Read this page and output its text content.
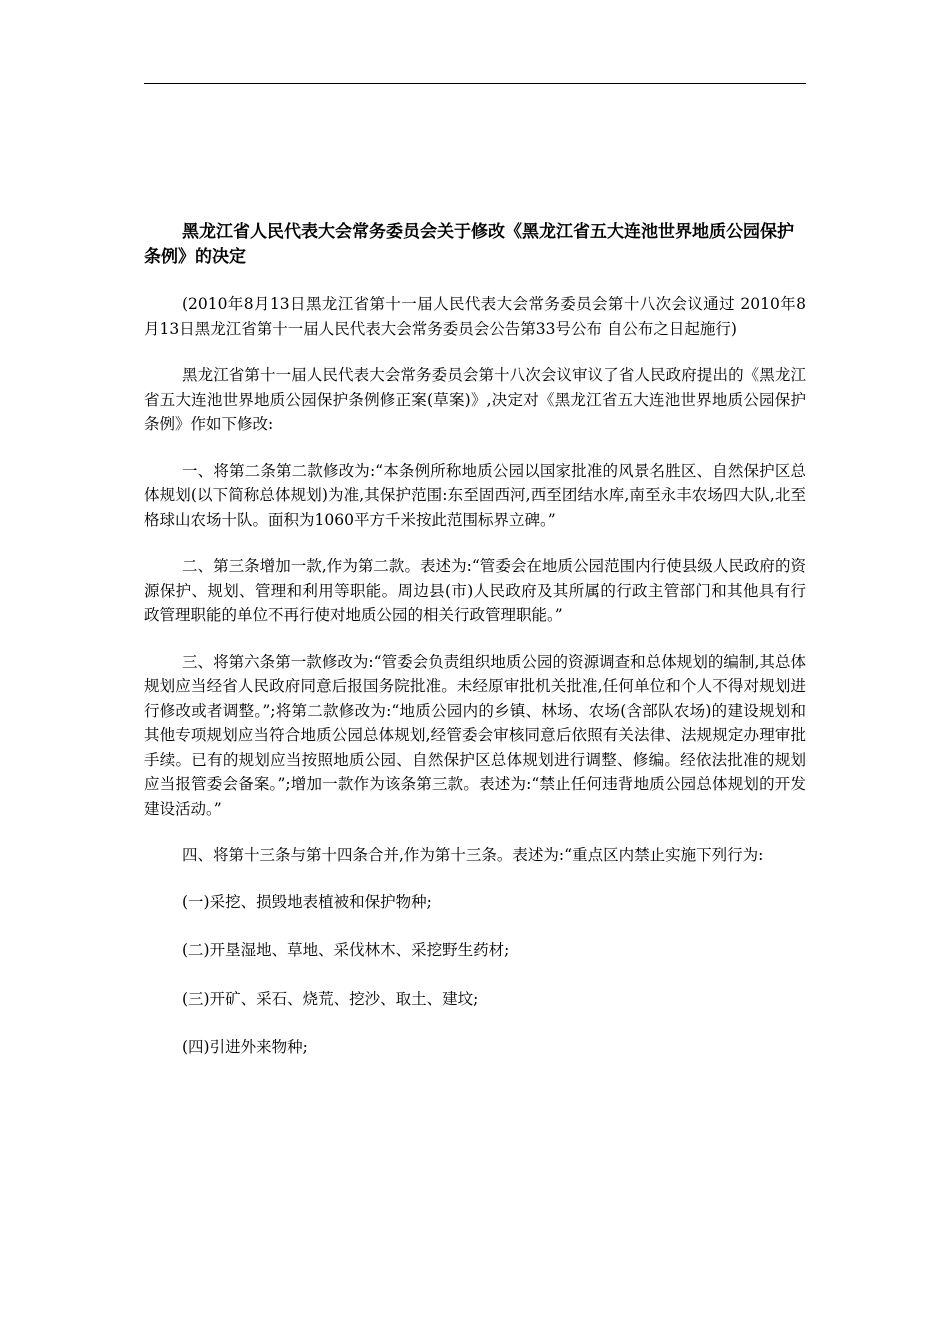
黑龙江省人民代表大会常务委员会关于修改《黑龙江省五大连池世界地质公园保护条例》的决定
(2010年8月13日黑龙江省第十一届人民代表大会常务委员会第十八次会议通过 2010年8月13日黑龙江省第十一届人民代表大会常务委员会公告第33号公布 自公布之日起施行)
黑龙江省第十一届人民代表大会常务委员会第十八次会议审议了省人民政府提出的《黑龙江省五大连池世界地质公园保护条例修正案(草案)》,决定对《黑龙江省五大连池世界地质公园保护条例》作如下修改:
一、将第二条第二款修改为:“本条例所称地质公园以国家批准的风景名胜区、自然保护区总体规划(以下简称总体规划)为准,其保护范围:东至固西河,西至团结水库,南至永丰农场四大队,北至格球山农场十队。面积为1060平方千米按此范围标界立碑。”
二、第三条增加一款,作为第二款。表述为:“管委会在地质公园范围内行使县级人民政府的资源保护、规划、管理和利用等职能。周边县(市)人民政府及其所属的行政主管部门和其他具有行政管理职能的单位不再行使对地质公园的相关行政管理职能。”
三、将第六条第一款修改为:“管委会负责组织地质公园的资源调查和总体规划的编制,其总体规划应当经省人民政府同意后报国务院批准。未经原审批机关批准,任何单位和个人不得对规划进行修改或者调整。”;将第二款修改为:“地质公园内的乡镇、林场、农场(含部队农场)的建设规划和其他专项规划应当符合地质公园总体规划,经管委会审核同意后依照有关法律、法规规定办理审批手续。已有的规划应当按照地质公园、自然保护区总体规划进行调整、修编。经依法批准的规划应当报管委会备案。”;增加一款作为该条第三款。表述为:“禁止任何违背地质公园总体规划的开发建设活动。”
四、将第十三条与第十四条合并,作为第十三条。表述为:“重点区内禁止实施下列行为:
(一)采挖、损毁地表植被和保护物种;
(二)开垦湿地、草地、采伐林木、采挖野生药材;
(三)开矿、采石、烧荒、挖沙、取土、建坟;
(四)引进外来物种;
